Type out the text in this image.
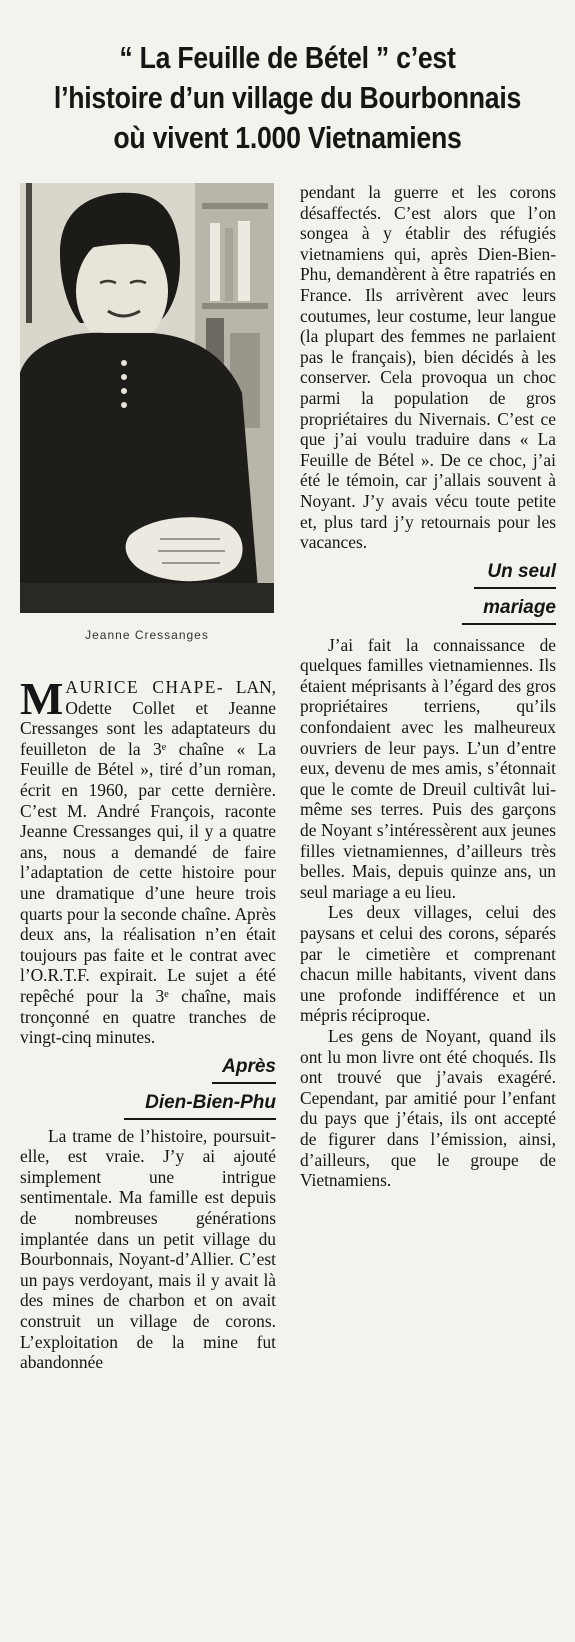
“ La Feuille de Bétel ” c’est
l’histoire d’un village du Bourbonnais
où vivent 1.000 Vietnamiens
Jeanne Cressanges

MAURICE CHAPE- LAN, Odette Collet et Jeanne Cressanges sont les adaptateurs du feuilleton de la 3ᵉ chaîne « La Feuille de Bétel », tiré d’un roman, écrit en 1960, par cette dernière. C’est M. André François, raconte Jeanne Cressanges qui, il y a quatre ans, nous a demandé de faire l’adaptation de cette histoire pour une dramatique d’une heure trois quarts pour la seconde chaîne. Après deux ans, la réalisation n’en était toujours pas faite et le contrat avec l’O.R.T.F. expirait. Le sujet a été repêché pour la 3ᵉ chaîne, mais tronçonné en quatre tranches de vingt-cinq minutes.

Après
Dien-Bien-Phu

La trame de l’histoire, poursuit-elle, est vraie. J’y ai ajouté simplement une intrigue sentimentale. Ma famille est depuis de nombreuses générations implantée dans un petit village du Bourbonnais, Noyant-d’Allier. C’est un pays verdoyant, mais il y avait là des mines de charbon et on avait construit un village de corons. L’exploitation de la mine fut abandonnée

pendant la guerre et les corons désaffectés. C’est alors que l’on songea à y établir des réfugiés vietnamiens qui, après Dien-Bien-Phu, demandèrent à être rapatriés en France. Ils arrivèrent avec leurs coutumes, leur costume, leur langue (la plupart des femmes ne parlaient pas le français), bien décidés à les conserver. Cela provoqua un choc parmi la population de gros propriétaires du Nivernais. C’est ce que j’ai voulu traduire dans « La Feuille de Bétel ». De ce choc, j’ai été le témoin, car j’allais souvent à Noyant. J’y avais vécu toute petite et, plus tard j’y retournais pour les vacances.

Un seul
mariage

J’ai fait la connaissance de quelques familles vietnamiennes. Ils étaient méprisants à l’égard des gros propriétaires terriens, qu’ils confondaient avec les malheureux ouvriers de leur pays. L’un d’entre eux, devenu de mes amis, s’étonnait que le comte de Dreuil cultivât lui-même ses terres. Puis des garçons de Noyant s’intéressèrent aux jeunes filles vietnamiennes, d’ailleurs très belles. Mais, depuis quinze ans, un seul mariage a eu lieu.

Les deux villages, celui des paysans et celui des corons, séparés par le cimetière et comprenant chacun mille habitants, vivent dans une profonde indifférence et un mépris réciproque.

Les gens de Noyant, quand ils ont lu mon livre ont été choqués. Ils ont trouvé que j’avais exagéré. Cependant, par amitié pour l’enfant du pays que j’étais, ils ont accepté de figurer dans l’émission, ainsi, d’ailleurs, que le groupe de Vietnamiens.
